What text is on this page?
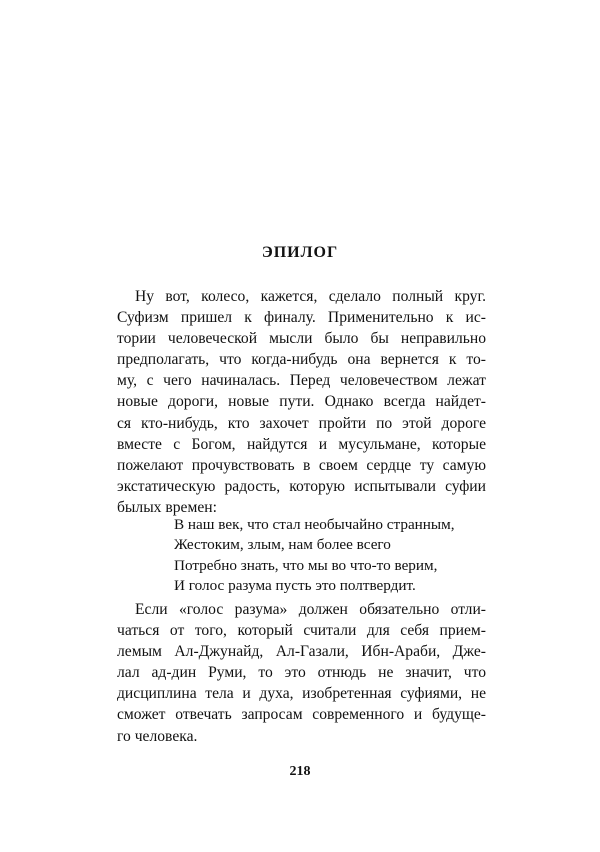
ЭПИЛОГ
Ну вот, колесо, кажется, сделало полный круг.
Суфизм пришел к финалу. Применительно к ис-
тории человеческой мысли было бы неправильно
предполагать, что когда-нибудь она вернется к то-
му, с чего начиналась. Перед человечеством лежат
новые дороги, новые пути. Однако всегда найдет-
ся кто-нибудь, кто захочет пройти по этой дороге
вместе с Богом, найдутся и мусульмане, которые
пожелают прочувствовать в своем сердце ту самую
экстатическую радость, которую испытывали суфии
былых времен:
В наш век, что стал необычайно странным,
Жестоким, злым, нам более всего
Потребно знать, что мы во что-то верим,
И голос разума пусть это полтвердит.
Если «голос разума» должен обязательно отли-
чаться от того, который считали для себя прием-
лемым Ал-Джунайд, Ал-Газали, Ибн-Араби, Дже-
лал ад-дин Руми, то это отнюдь не значит, что
дисциплина тела и духа, изобретенная суфиями, не
сможет отвечать запросам современного и будуще-
го человека.
218
